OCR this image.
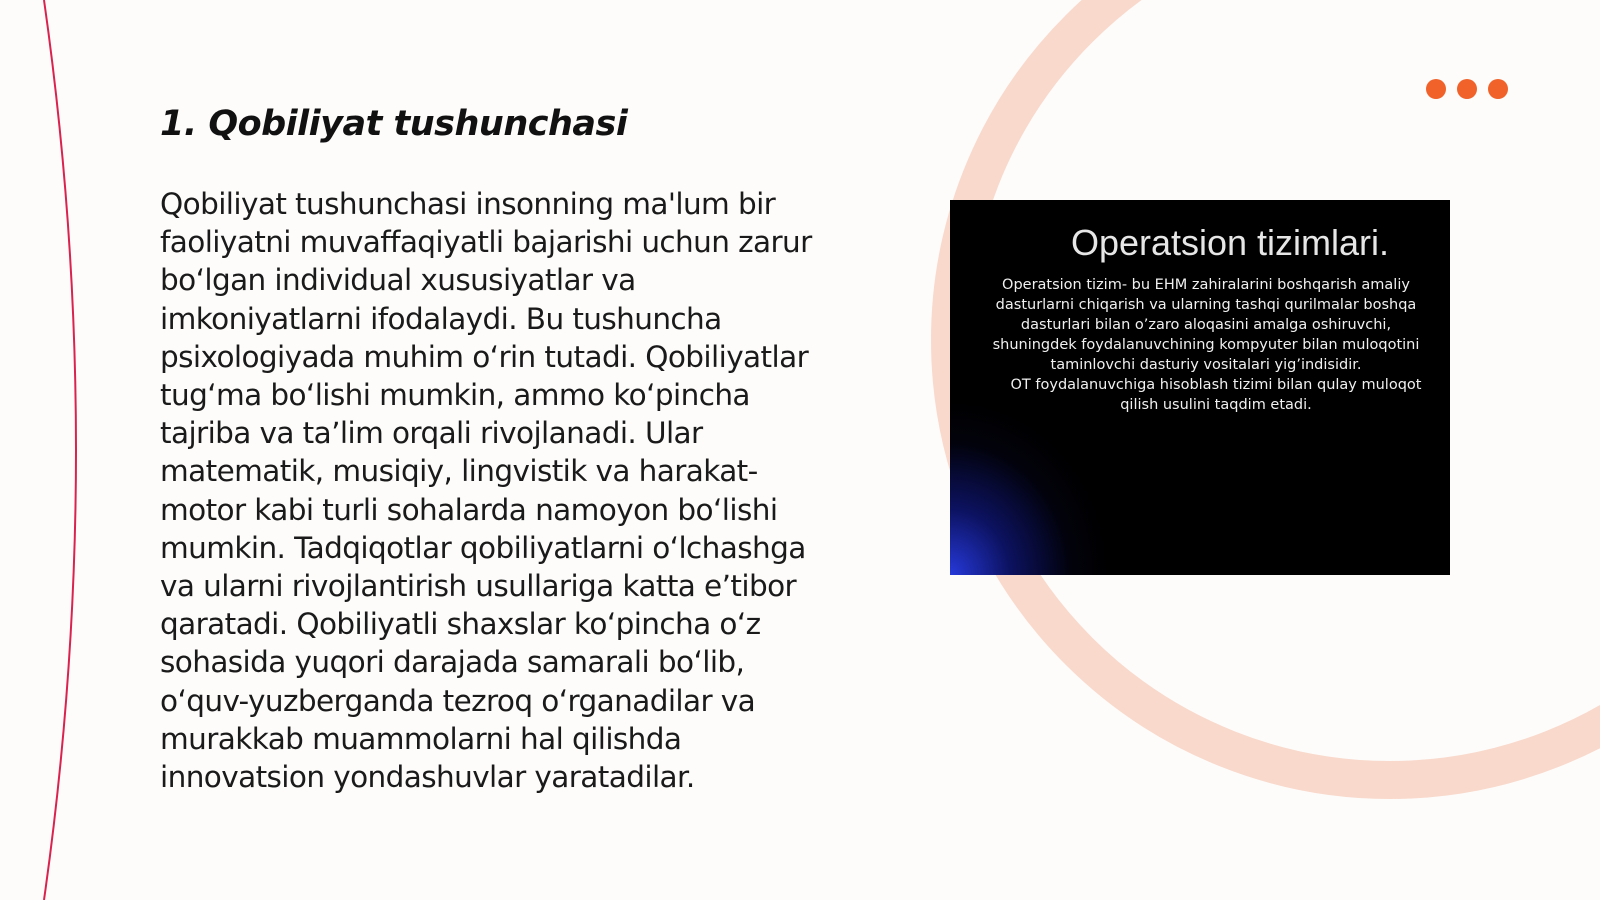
1. Qobiliyat tushunchasi

Qobiliyat tushunchasi insonning ma'lum bir faoliyatni muvaffaqiyatli bajarishi uchun zarur bo‘lgan individual xususiyatlar va imkoniyatlarni ifodalaydi. Bu tushuncha psixologiyada muhim o‘rin tutadi. Qobiliyatlar tug‘ma bo‘lishi mumkin, ammo ko‘pincha tajriba va ta’lim orqali rivojlanadi. Ular matematik, musiqiy, lingvistik va harakat-motor kabi turli sohalarda namoyon bo‘lishi mumkin. Tadqiqotlar qobiliyatlarni o‘lchashga va ularni rivojlantirish usullariga katta e’tibor qaratadi. Qobiliyatli shaxslar ko‘pincha o‘z sohasida yuqori darajada samarali bo‘lib, o‘quv-yuzberganda tezroq o‘rganadilar va murakkab muammolarni hal qilishda innovatsion yondashuvlar yaratadilar.

Operatsion tizimlari.

Operatsion tizim- bu EHM zahiralarini boshqarish amaliy dasturlarni chiqarish va ularning tashqi qurilmalar boshqa dasturlari bilan o’zaro aloqasini amalga oshiruvchi, shuningdek foydalanuvchining kompyuter bilan muloqotini taminlovchi dasturiy vositalari yig’indisidir.

OT foydalanuvchiga hisoblash tizimi bilan qulay muloqot qilish usulini taqdim etadi.
